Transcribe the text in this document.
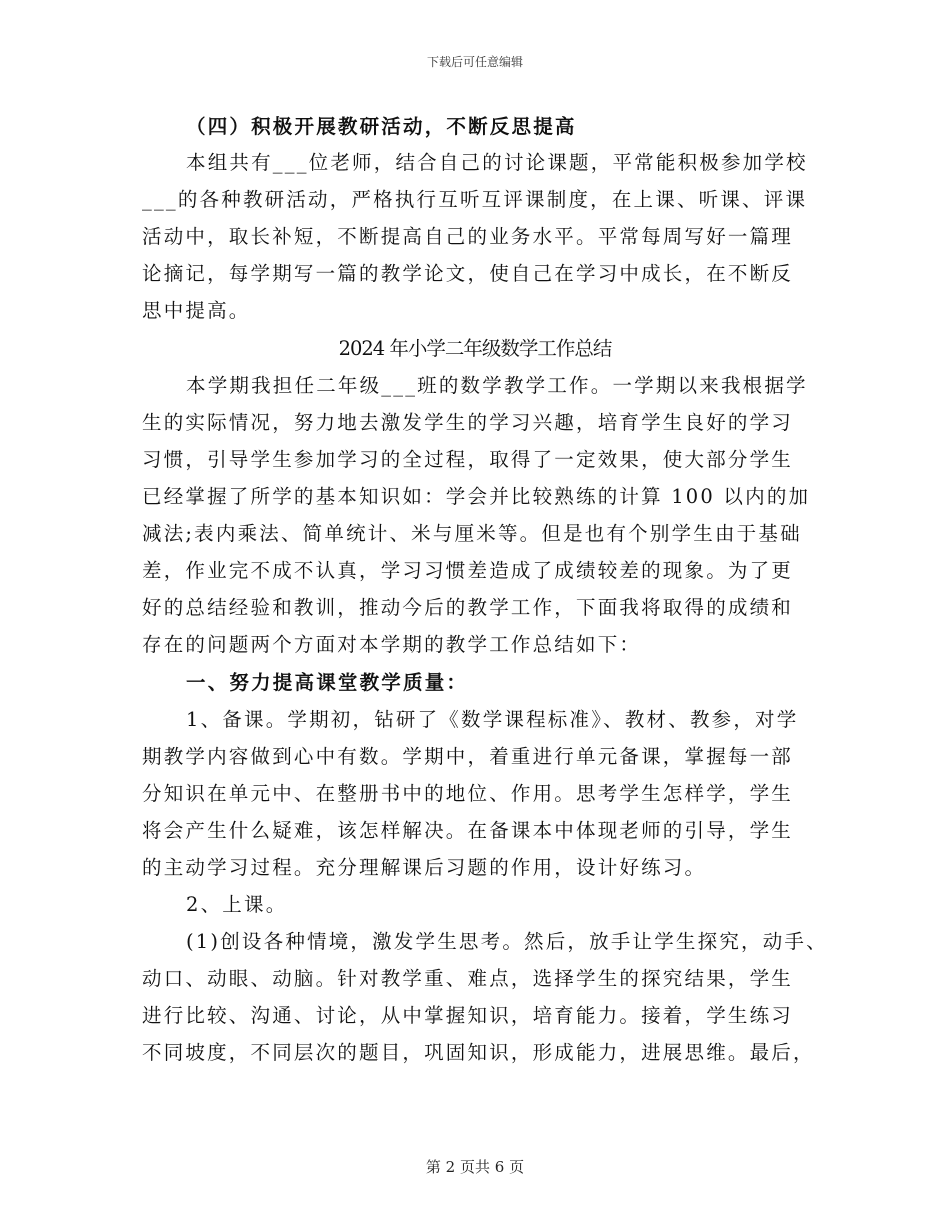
下载后可任意编辑
（四）积极开展教研活动，不断反思提高
本组共有___位老师，结合自己的讨论课题，平常能积极参加学校
___的各种教研活动，严格执行互听互评课制度，在上课、听课、评课
活动中，取长补短，不断提高自己的业务水平。平常每周写好一篇理
论摘记，每学期写一篇的教学论文，使自己在学习中成长，在不断反
思中提高。
2024 年小学二年级数学工作总结
本学期我担任二年级___班的数学教学工作。一学期以来我根据学
生的实际情况，努力地去激发学生的学习兴趣，培育学生良好的学习
习惯，引导学生参加学习的全过程，取得了一定效果，使大部分学生
已经掌握了所学的基本知识如：学会并比较熟练的计算 100 以内的加
减法;表内乘法、简单统计、米与厘米等。但是也有个别学生由于基础
差，作业完不成不认真，学习习惯差造成了成绩较差的现象。为了更
好的总结经验和教训，推动今后的教学工作，下面我将取得的成绩和
存在的问题两个方面对本学期的教学工作总结如下：
一、努力提高课堂教学质量：
1、备课。学期初，钻研了《数学课程标准》、教材、教参，对学
期教学内容做到心中有数。学期中，着重进行单元备课，掌握每一部
分知识在单元中、在整册书中的地位、作用。思考学生怎样学，学生
将会产生什么疑难，该怎样解决。在备课本中体现老师的引导，学生
的主动学习过程。充分理解课后习题的作用，设计好练习。
2、上课。
(1)创设各种情境，激发学生思考。然后，放手让学生探究，动手、
动口、动眼、动脑。针对教学重、难点，选择学生的探究结果，学生
进行比较、沟通、讨论，从中掌握知识，培育能力。接着，学生练习
不同坡度，不同层次的题目，巩固知识，形成能力，进展思维。最后，
第 2 页共 6 页
